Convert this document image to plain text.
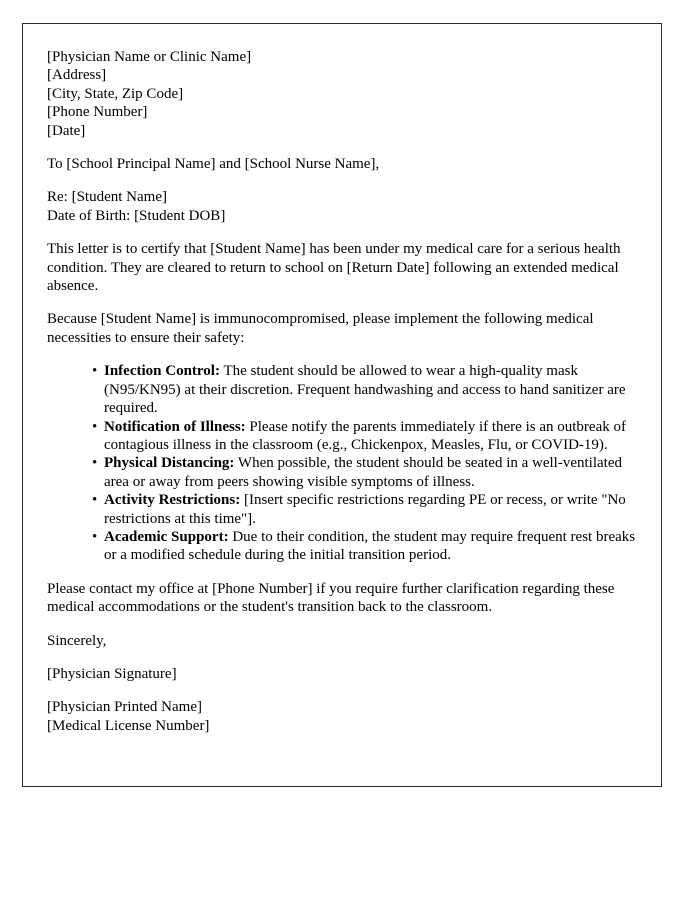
[Physician Name or Clinic Name]
[Address]
[City, State, Zip Code]
[Phone Number]
[Date]
To [School Principal Name] and [School Nurse Name],
Re: [Student Name]
Date of Birth: [Student DOB]

This letter is to certify that [Student Name] has been under my medical care for a serious health condition. They are cleared to return to school on [Return Date] following an extended medical absence.

Because [Student Name] is immunocompromised, please implement the following medical necessities to ensure their safety:

• Infection Control: The student should be allowed to wear a high-quality mask (N95/KN95) at their discretion. Frequent handwashing and access to hand sanitizer are required.
• Notification of Illness: Please notify the parents immediately if there is an outbreak of contagious illness in the classroom (e.g., Chickenpox, Measles, Flu, or COVID-19).
• Physical Distancing: When possible, the student should be seated in a well-ventilated area or away from peers showing visible symptoms of illness.
• Activity Restrictions: [Insert specific restrictions regarding PE or recess, or write "No restrictions at this time"].
• Academic Support: Due to their condition, the student may require frequent rest breaks or a modified schedule during the initial transition period.

Please contact my office at [Phone Number] if you require further clarification regarding these medical accommodations or the student's transition back to the classroom.

Sincerely,
[Physician Signature]
[Physician Printed Name]
[Medical License Number]
